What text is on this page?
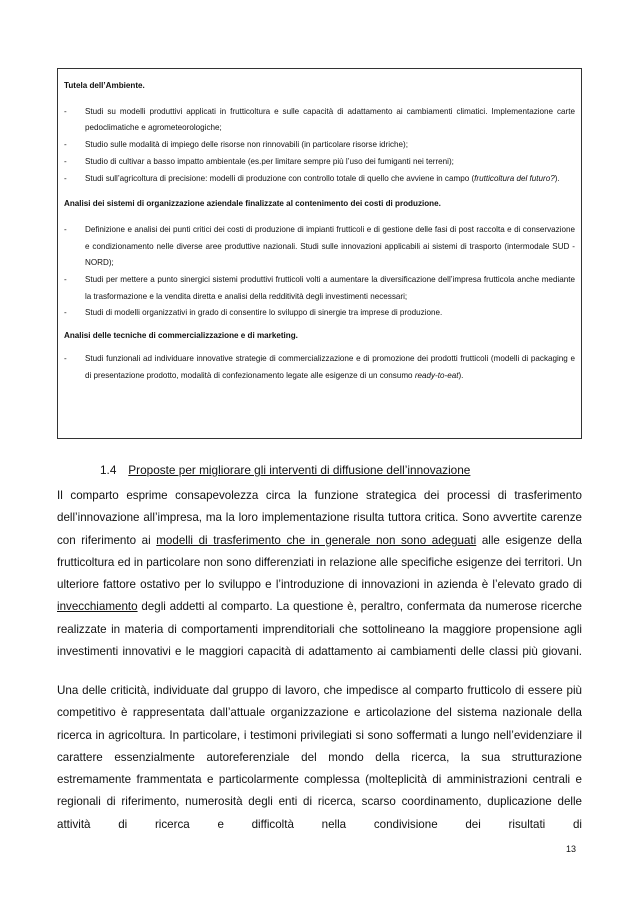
Tutela dell’Ambiente.

- Studi su modelli produttivi applicati in frutticoltura e sulle capacità di adattamento ai cambiamenti climatici. Implementazione carte pedoclimatiche e agrometeorologiche;
- Studio sulle modalità di impiego delle risorse non rinnovabili (in particolare risorse idriche);
- Studio di cultivar a basso impatto ambientale (es.per limitare sempre più l’uso dei fumiganti nei terreni);
- Studi sull’agricoltura di precisione: modelli di produzione con controllo totale di quello che avviene in campo (frutticoltura del futuro?).

Analisi dei sistemi di organizzazione aziendale finalizzate al contenimento dei costi di produzione.

- Definizione e analisi dei punti critici dei costi di produzione di impianti frutticoli e di gestione delle fasi di post raccolta e di conservazione e condizionamento nelle diverse aree produttive nazionali. Studi sulle innovazioni applicabili ai sistemi di trasporto (intermodale SUD - NORD);
- Studi per mettere a punto sinergici sistemi produttivi frutticoli volti a aumentare la diversificazione dell’impresa frutticola anche mediante la trasformazione e la vendita diretta e analisi della redditività degli investimenti necessari;
- Studi di modelli organizzativi in grado di consentire lo sviluppo di sinergie tra imprese di produzione.

Analisi delle tecniche di commercializzazione e di marketing.

- Studi funzionali ad individuare innovative strategie di commercializzazione e di promozione dei prodotti frutticoli (modelli di packaging e di presentazione prodotto, modalità di confezionamento legate alle esigenze di un consumo ready-to-eat).
1.4 Proposte per migliorare gli interventi di diffusione dell’innovazione

Il comparto esprime consapevolezza circa la funzione strategica dei processi di trasferimento dell’innovazione all’impresa, ma la loro implementazione risulta tuttora critica. Sono avvertite carenze con riferimento ai modelli di trasferimento che in generale non sono adeguati alle esigenze della frutticoltura ed in particolare non sono differenziati in relazione alle specifiche esigenze dei territori. Un ulteriore fattore ostativo per lo sviluppo e l’introduzione di innovazioni in azienda è l’elevato grado di invecchiamento degli addetti al comparto. La questione è, peraltro, confermata da numerose ricerche realizzate in materia di comportamenti imprenditoriali che sottolineano la maggiore propensione agli investimenti innovativi e le maggiori capacità di adattamento ai cambiamenti delle classi più giovani.

Una delle criticità, individuate dal gruppo di lavoro, che impedisce al comparto frutticolo di essere più competitivo è rappresentata dall’attuale organizzazione e articolazione del sistema nazionale della ricerca in agricoltura. In particolare, i testimoni privilegiati si sono soffermati a lungo nell’evidenziare il carattere essenzialmente autoreferenziale del mondo della ricerca, la sua strutturazione estremamente frammentata e particolarmente complessa (molteplicità di amministrazioni centrali e regionali di riferimento, numerosità degli enti di ricerca, scarso coordinamento, duplicazione delle attività di ricerca e difficoltà nella condivisione dei risultati di

13
